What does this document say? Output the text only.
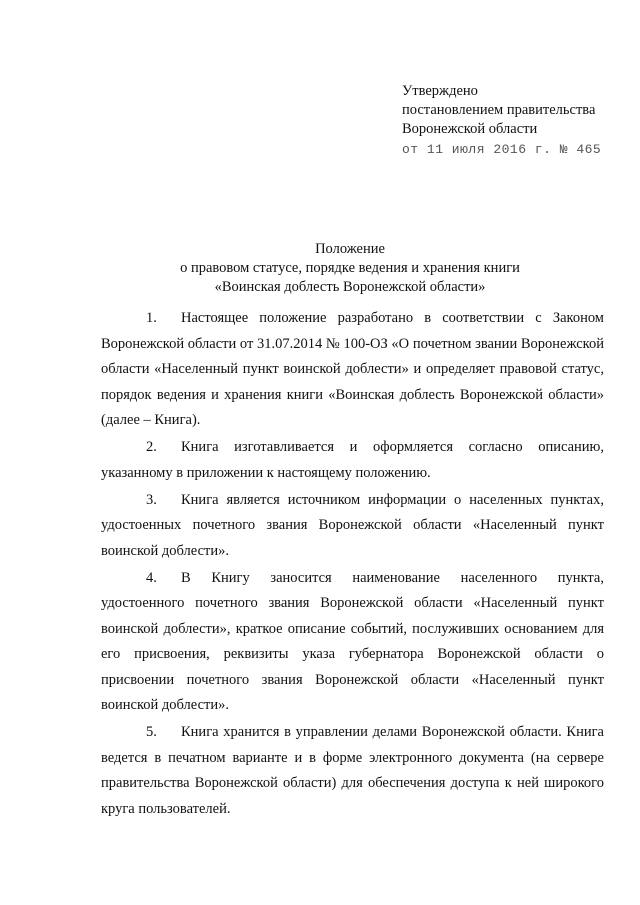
Утверждено
постановлением правительства
Воронежской области
от 11 июля 2016 г. № 465
Положение
о правовом статусе, порядке ведения и хранения книги
«Воинская доблесть Воронежской области»

1. Настоящее положение разработано в соответствии с Законом Воронежской области от 31.07.2014 № 100-ОЗ «О почетном звании Воронежской области «Населенный пункт воинской доблести» и определяет правовой статус, порядок ведения и хранения книги «Воинская доблесть Воронежской области» (далее – Книга).

2. Книга изготавливается и оформляется согласно описанию, указанному в приложении к настоящему положению.

3. Книга является источником информации о населенных пунктах, удостоенных почетного звания Воронежской области «Населенный пункт воинской доблести».

4. В Книгу заносится наименование населенного пункта, удостоенного почетного звания Воронежской области «Населенный пункт воинской доблести», краткое описание событий, послуживших основанием для его присвоения, реквизиты указа губернатора Воронежской области о присвоении почетного звания Воронежской области «Населенный пункт воинской доблести».

5. Книга хранится в управлении делами Воронежской области. Книга ведется в печатном варианте и в форме электронного документа (на сервере правительства Воронежской области) для обеспечения доступа к ней широкого круга пользователей.
